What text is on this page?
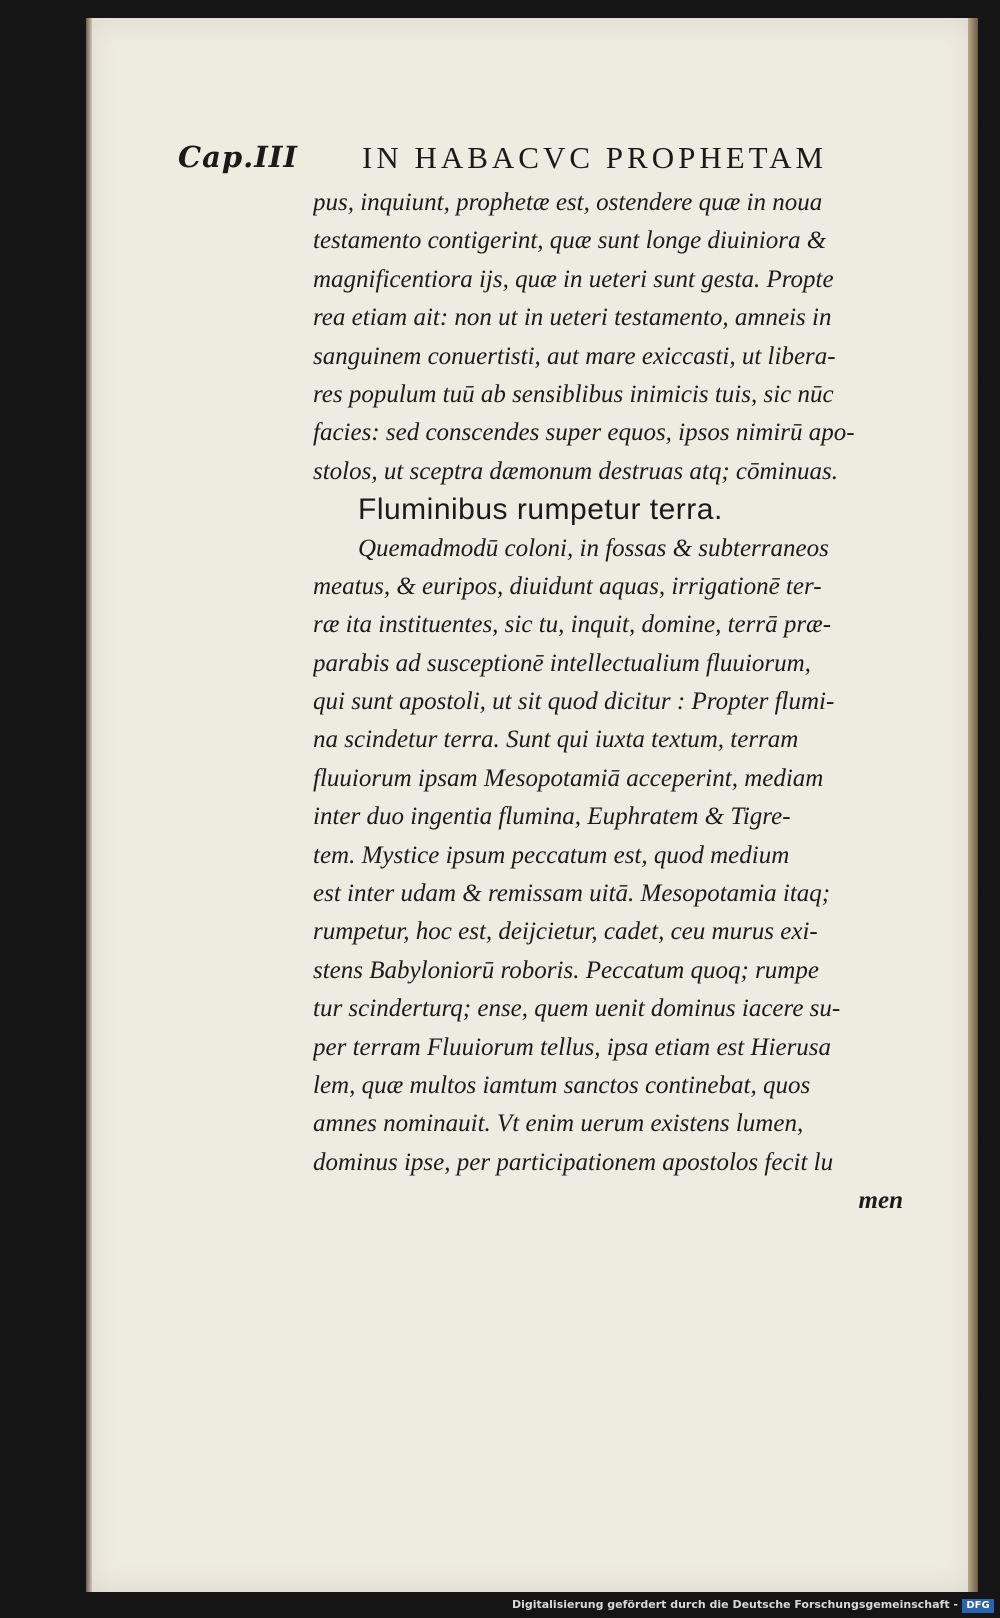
Cap.III IN HABACVC PROPHETAM
pus, inquiunt, prophetæ est, ostendere quæ in noua
testamento contigerint, quæ sunt longe diuiniora &
magnificentiora ijs, quæ in ueteri sunt gesta. Propte
rea etiam ait: non ut in ueteri testamento, amneis in
sanguinem conuertisti, aut mare exiccasti, ut libera-
res populum tuū ab sensiblibus inimicis tuis, sic nūc
facies: sed conscendes super equos, ipsos nimirū apo-
stolos, ut sceptra dæmonum destruas atq; cōminuas.
Fluminibus rumpetur terra.
Quemadmodū coloni, in fossas & subterraneos
meatus, & euripos, diuidunt aquas, irrigationē ter-
ræ ita instituentes, sic tu, inquit, domine, terrā præ-
parabis ad susceptionē intellectualium fluuiorum,
qui sunt apostoli, ut sit quod dicitur : Propter flumi-
na scindetur terra. Sunt qui iuxta textum, terram
fluuiorum ipsam Mesopotamiā acceperint, mediam
inter duo ingentia flumina, Euphratem & Tigre-
tem. Mystice ipsum peccatum est, quod medium
est inter udam & remissam uitā. Mesopotamia itaq;
rumpetur, hoc est, deijcietur, cadet, ceu murus exi-
stens Babyloniorū roboris. Peccatum quoq; rumpe
tur scinderturq; ense, quem uenit dominus iacere su-
per terram Fluuiorum tellus, ipsa etiam est Hierusa
lem, quæ multos iamtum sanctos continebat, quos
amnes nominauit. Vt enim uerum existens lumen,
dominus ipse, per participationem apostolos fecit lu
men
Digitalisierung gefördert durch die Deutsche Forschungsgemeinschaft - DFG
